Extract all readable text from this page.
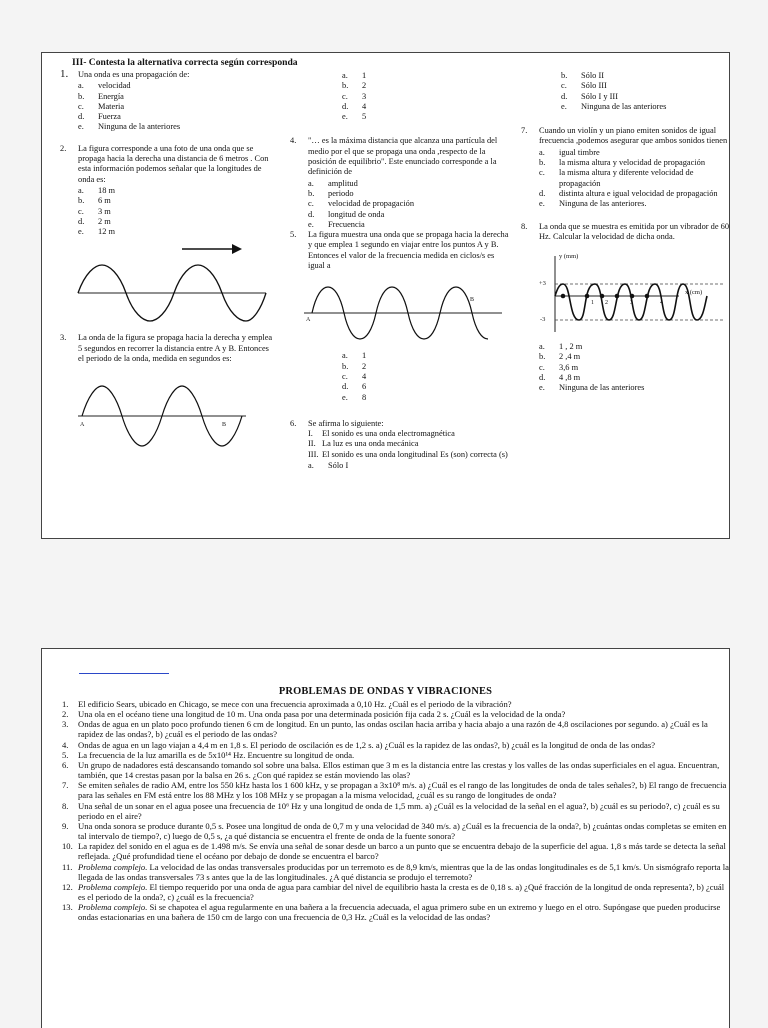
III- Contesta la alternativa correcta según corresponda
1. Una onda es una propagación de:
a.	velocidad
b.	Energía
c.	Materia
d.	Fuerza
e.	Ninguna de la anteriores
2. La figura corresponde a una foto de una onda que se propaga hacia la derecha una distancia de 6 metros . Con esta información podemos señalar que la longitudes de onda es:
a.	18 m
b.	6 m
c.	3 m
d.	2 m
e.	12 m
3. La onda de la figura se propaga hacia la derecha y emplea 5 segundos en recorrer la distancia entre A y B. Entonces el periodo de la onda, medida en segundos es:
A	B
a.	1
b.	2
c.	3
d.	4
e.	5
4. "… es la máxima distancia que alcanza una partícula del medio por el que se propaga una onda ,respecto de la posición de equilibrio". Este enunciado corresponde a la definición de
a.	amplitud
b.	periodo
c.	velocidad de propagación
d.	longitud de onda
e.	Frecuencia
5. La figura muestra una onda que se propaga hacia la derecha y que emplea 1 segundo en viajar entre los puntos A y B. Entonces el valor de la frecuencia medida en ciclos/s es igual a
A
B
a.	1
b.	2
c.	4
d.	6
e.	8
6. Se afirma lo siguiente:
I. El sonido es una onda electromagnética
II. La luz es una onda mecánica
III. El sonido es una onda longitudinal Es (son) correcta (s)
a.	Sólo I
b.	Sólo II
c.	Sólo III
d.	Sólo I y III
e.	Ninguna de las anteriores
7. Cuando un violín y un piano emiten sonidos de igual frecuencia ,podemos asegurar que ambos sonidos tienen
a.	igual timbre
b.	la misma altura y velocidad de propagación
c.	la misma altura y diferente velocidad de propagación
d.	distinta altura e igual velocidad de propagación
e.	Ninguna de las anteriores.
8. La onda que se muestra es emitida por un vibrador de 60 Hz. Calcular la velocidad de dicha onda.
y (mm)
x (cm)
+3
-3
1 2	3	4
a.	1 , 2 m
b.	2 ,4 m
c.	3,6 m
d.	4 ,8 m
e.	Ninguna de las anteriores
PROBLEMAS DE ONDAS Y VIBRACIONES
1. El edificio Sears, ubicado en Chicago, se mece con una frecuencia aproximada a 0,10 Hz. ¿Cuál es el periodo de la vibración?
2. Una ola en el océano tiene una longitud de 10 m. Una onda pasa por una determinada posición fija cada 2 s. ¿Cuál es la velocidad de la onda?
3. Ondas de agua en un plato poco profundo tienen 6 cm de longitud. En un punto, las ondas oscilan hacia arriba y hacia abajo a una razón de 4,8 oscilaciones por segundo. a) ¿Cuál es la rapidez de las ondas?, b) ¿cuál es el periodo de las ondas?
4. Ondas de agua en un lago viajan a 4,4 m en 1,8 s. El periodo de oscilación es de 1,2 s. a) ¿Cuál es la rapidez de las ondas?, b) ¿cuál es la longitud de onda de las ondas?
5. La frecuencia de la luz amarilla es de 5x10¹⁴ Hz. Encuentre su longitud de onda.
6. Un grupo de nadadores está descansando tomando sol sobre una balsa. Ellos estiman que 3 m es la distancia entre las crestas y los valles de las ondas superficiales en el agua. Encuentran, también, que 14 crestas pasan por la balsa en 26 s. ¿Con qué rapidez se están moviendo las olas?
7. Se emiten señales de radio AM, entre los 550 kHz hasta los 1 600 kHz, y se propagan a 3x10⁸ m/s. a) ¿Cuál es el rango de las longitudes de onda de tales señales?, b) El rango de frecuencia para las señales en FM está entre los 88 MHz y los 108 MHz y se propagan a la misma velocidad, ¿cuál es su rango de longitudes de onda?
8. Una señal de un sonar en el agua posee una frecuencia de 10⁶ Hz y una longitud de onda de 1,5 mm. a) ¿Cuál es la velocidad de la señal en el agua?, b) ¿cuál es su periodo?, c) ¿cuál es su periodo en el aire?
9. Una onda sonora se produce durante 0,5 s. Posee una longitud de onda de 0,7 m y una velocidad de 340 m/s. a) ¿Cuál es la frecuencia de la onda?, b) ¿cuántas ondas completas se emiten en tal intervalo de tiempo?, c) luego de 0,5 s, ¿a qué distancia se encuentra el frente de onda de la fuente sonora?
10. La rapidez del sonido en el agua es de 1.498 m/s. Se envía una señal de sonar desde un barco a un punto que se encuentra debajo de la superficie del agua. 1,8 s más tarde se detecta la señal reflejada. ¿Qué profundidad tiene el océano por debajo de donde se encuentra el barco?
11. Problema complejo. La velocidad de las ondas transversales producidas por un terremoto es de 8,9 km/s, mientras que la de las ondas longitudinales es de 5,1 km/s. Un sismógrafo reporta la llegada de las ondas transversales 73 s antes que la de las longitudinales. ¿A qué distancia se produjo el terremoto?
12. Problema complejo. El tiempo requerido por una onda de agua para cambiar del nivel de equilibrio hasta la cresta es de 0,18 s. a) ¿Qué fracción de la longitud de onda representa?, b) ¿cuál es el periodo de la onda?, c) ¿cuál es la frecuencia?
13. Problema complejo. Si se chapotea el agua regularmente en una bañera a la frecuencia adecuada, el agua primero sube en un extremo y luego en el otro. Supóngase que pueden producirse ondas estacionarias en una bañera de 150 cm de largo con una frecuencia de 0,3 Hz. ¿Cuál es la velocidad de las ondas?
